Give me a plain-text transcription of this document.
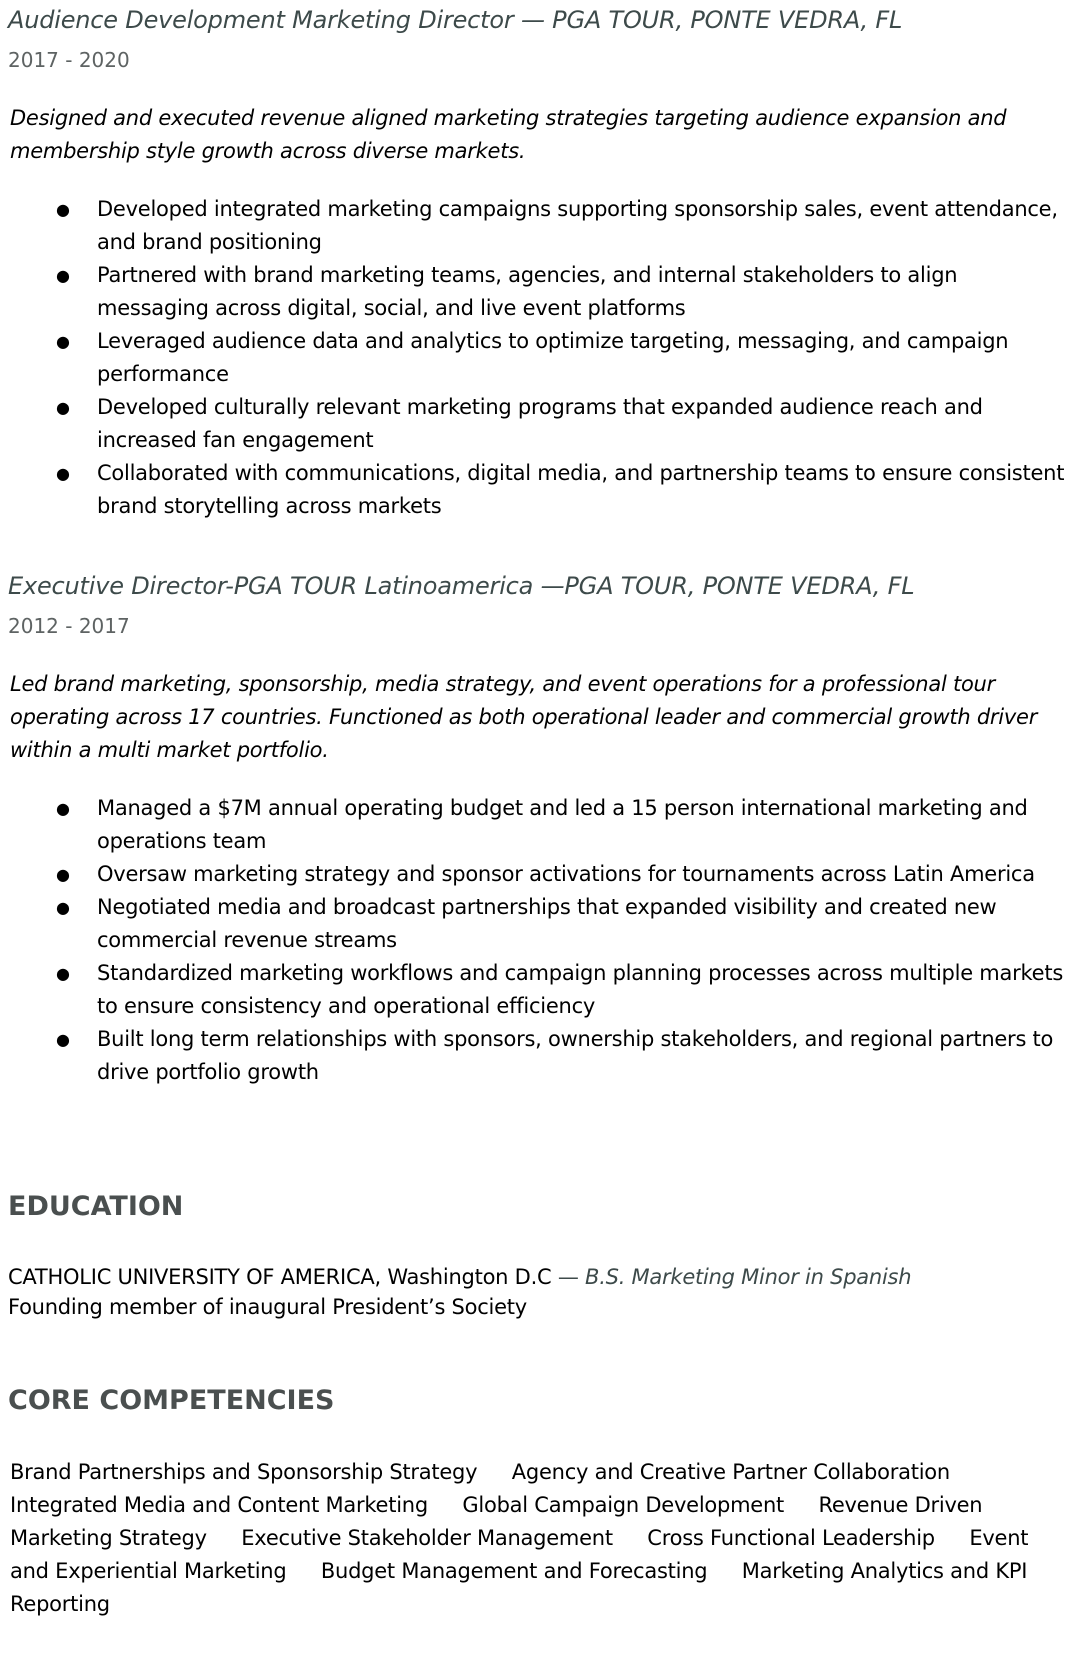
Audience Development Marketing Director — PGA TOUR, PONTE VEDRA, FL
2017 - 2020
Designed and executed revenue aligned marketing strategies targeting audience expansion and membership style growth across diverse markets.
● Developed integrated marketing campaigns supporting sponsorship sales, event attendance, and brand positioning
● Partnered with brand marketing teams, agencies, and internal stakeholders to align messaging across digital, social, and live event platforms
● Leveraged audience data and analytics to optimize targeting, messaging, and campaign performance
● Developed culturally relevant marketing programs that expanded audience reach and increased fan engagement
● Collaborated with communications, digital media, and partnership teams to ensure consistent brand storytelling across markets
Executive Director-PGA TOUR Latinoamerica —PGA TOUR, PONTE VEDRA, FL
2012 - 2017
Led brand marketing, sponsorship, media strategy, and event operations for a professional tour operating across 17 countries. Functioned as both operational leader and commercial growth driver within a multi market portfolio.
● Managed a $7M annual operating budget and led a 15 person international marketing and operations team
● Oversaw marketing strategy and sponsor activations for tournaments across Latin America
● Negotiated media and broadcast partnerships that expanded visibility and created new commercial revenue streams
● Standardized marketing workflows and campaign planning processes across multiple markets to ensure consistency and operational efficiency
● Built long term relationships with sponsors, ownership stakeholders, and regional partners to drive portfolio growth
EDUCATION
CATHOLIC UNIVERSITY OF AMERICA, Washington D.C — B.S. Marketing Minor in Spanish
Founding member of inaugural President’s Society
CORE COMPETENCIES
Brand Partnerships and Sponsorship Strategy Agency and Creative Partner Collaboration Integrated Media and Content Marketing Global Campaign Development Revenue Driven Marketing Strategy Executive Stakeholder Management Cross Functional Leadership Event and Experiential Marketing Budget Management and Forecasting Marketing Analytics and KPI Reporting
